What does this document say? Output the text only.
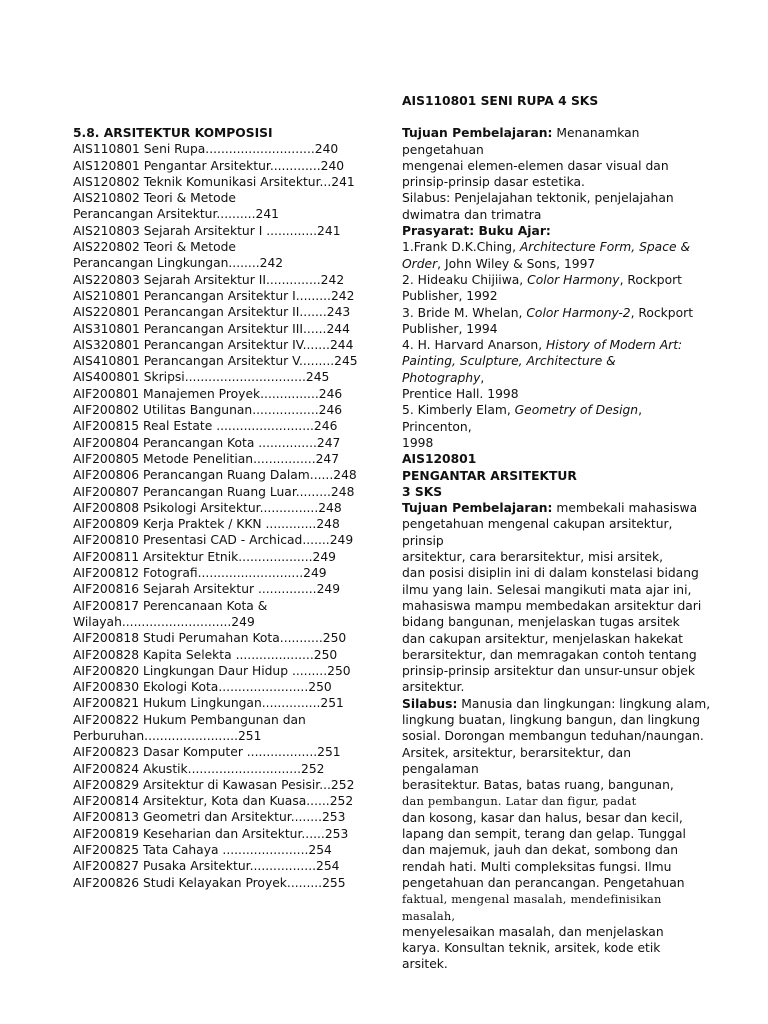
5.8. ARSITEKTUR KOMPOSISI
AIS110801 Seni Rupa............................240
AIS120801 Pengantar Arsitektur.............240
AIS120802 Teknik Komunikasi Arsitektur...241
AIS210802 Teori & Metode
Perancangan Arsitektur..........241
AIS210803 Sejarah Arsitektur I .............241
AIS220802 Teori & Metode
Perancangan Lingkungan........242
AIS220803 Sejarah Arsitektur II..............242
AIS210801 Perancangan Arsitektur I.........242
AIS220801 Perancangan Arsitektur II.......243
AIS310801 Perancangan Arsitektur III......244
AIS320801 Perancangan Arsitektur IV.......244
AIS410801 Perancangan Arsitektur V.........245
AIS400801 Skripsi...............................245
AIF200801 Manajemen Proyek...............246
AIF200802 Utilitas Bangunan.................246
AIF200815 Real Estate .........................246
AIF200804 Perancangan Kota ...............247
AIF200805 Metode Penelitian................247
AIF200806 Perancangan Ruang Dalam......248
AIF200807 Perancangan Ruang Luar.........248
AIF200808 Psikologi Arsitektur...............248
AIF200809 Kerja Praktek / KKN .............248
AIF200810 Presentasi CAD - Archicad.......249
AIF200811 Arsitektur Etnik...................249
AIF200812 Fotografi...........................249
AIF200816 Sejarah Arsitektur ...............249
AIF200817 Perencanaan Kota &
Wilayah............................249
AIF200818 Studi Perumahan Kota...........250
AIF200828 Kapita Selekta ....................250
AIF200820 Lingkungan Daur Hidup .........250
AIF200830 Ekologi Kota.......................250
AIF200821 Hukum Lingkungan...............251
AIF200822 Hukum Pembangunan dan
Perburuhan........................251
AIF200823 Dasar Komputer ..................251
AIF200824 Akustik.............................252
AIF200829 Arsitektur di Kawasan Pesisir...252
AIF200814 Arsitektur, Kota dan Kuasa......252
AIF200813 Geometri dan Arsitektur........253
AIF200819 Keseharian dan Arsitektur......253
AIF200825 Tata Cahaya ......................254
AIF200827 Pusaka Arsitektur.................254
AIF200826 Studi Kelayakan Proyek.........255
AIS110801 SENI RUPA 4 SKS
Tujuan Pembelajaran: Menanamkan
pengetahuan
mengenai elemen-elemen dasar visual dan
prinsip-prinsip dasar estetika.
Silabus: Penjelajahan tektonik, penjelajahan
dwimatra dan trimatra
Prasyarat: Buku Ajar:
1.Frank D.K.Ching, Architecture Form, Space &
Order, John Wiley & Sons, 1997
2. Hideaku Chijiiwa, Color Harmony, Rockport
Publisher, 1992
3. Bride M. Whelan, Color Harmony-2, Rockport
Publisher, 1994
4. H. Harvard Anarson, History of Modern Art:
Painting, Sculpture, Architecture &
Photography,
Prentice Hall. 1998
5. Kimberly Elam, Geometry of Design,
Princenton,
1998
AIS120801
PENGANTAR ARSITEKTUR
3 SKS
Tujuan Pembelajaran: membekali mahasiswa
pengetahuan mengenal cakupan arsitektur,
prinsip
arsitektur, cara berarsitektur, misi arsitek,
dan posisi disiplin ini di dalam konstelasi bidang
ilmu yang lain. Selesai mangikuti mata ajar ini,
mahasiswa mampu membedakan arsitektur dari
bidang bangunan, menjelaskan tugas arsitek
dan cakupan arsitektur, menjelaskan hakekat
berarsitektur, dan memragakan contoh tentang
prinsip-prinsip arsitektur dan unsur-unsur objek
arsitektur.
Silabus: Manusia dan lingkungan: lingkung alam,
lingkung buatan, lingkung bangun, dan lingkung
sosial. Dorongan membangun teduhan/naungan.
Arsitek, arsitektur, berarsitektur, dan
pengalaman
berasitektur. Batas, batas ruang, bangunan,
dan pembangun. Latar dan figur, padat
dan kosong, kasar dan halus, besar dan kecil,
lapang dan sempit, terang dan gelap. Tunggal
dan majemuk, jauh dan dekat, sombong dan
rendah hati. Multi compleksitas fungsi. Ilmu
pengetahuan dan perancangan. Pengetahuan
faktual, mengenal masalah, mendefinisikan
masalah,
menyelesaikan masalah, dan menjelaskan
karya. Konsultan teknik, arsitek, kode etik
arsitek.
